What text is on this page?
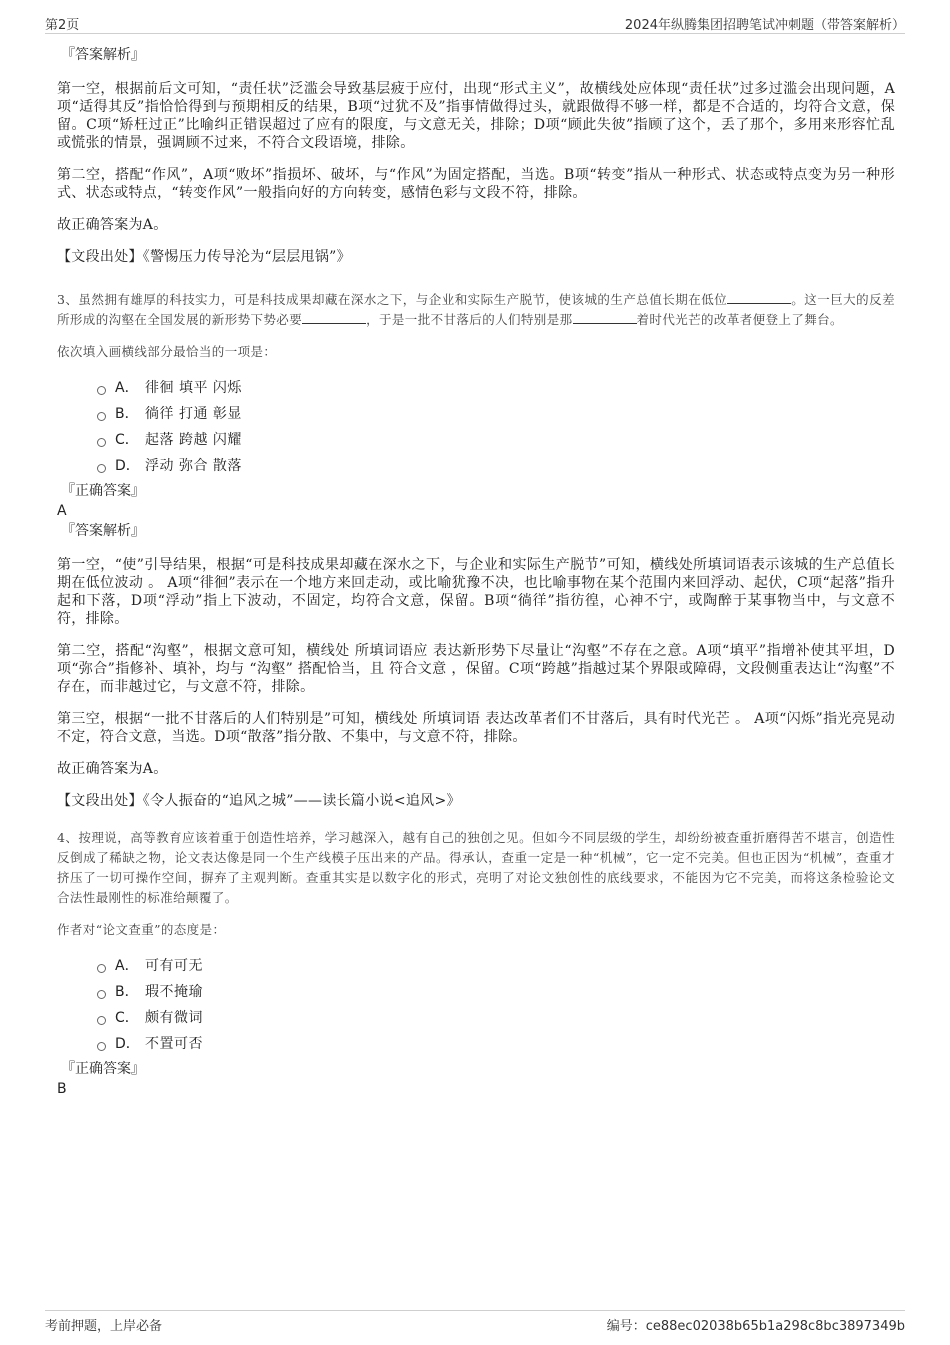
第2页	2024年纵腾集团招聘笔试冲刺题（带答案解析）
『答案解析』
第一空，根据前后文可知，“责任状”泛滥会导致基层疲于应付，出现“形式主义”，故横线处应体现“责任状”过多过滥会出现问题，A项“适得其反”指恰恰得到与预期相反的结果，B项“过犹不及”指事情做得过头，就跟做得不够一样，都是不合适的，均符合文意，保留。C项“矫枉过正”比喻纠正错误超过了应有的限度，与文意无关，排除；D项“顾此失彼”指顾了这个，丢了那个，多用来形容忙乱或慌张的情景，强调顾不过来，不符合文段语境，排除。
第二空，搭配“作风”，A项“败坏”指损坏、破坏，与“作风”为固定搭配，当选。B项“转变”指从一种形式、状态或特点变为另一种形式、状态或特点，“转变作风”一般指向好的方向转变，感情色彩与文段不符，排除。
故正确答案为A。
【文段出处】《警惕压力传导沦为“层层甩锅”》
3、虽然拥有雄厚的科技实力，可是科技成果却藏在深水之下，与企业和实际生产脱节，使该城的生产总值长期在低位	。这一巨大的反差所形成的沟壑在全国发展的新形势下势必要	，于是一批不甘落后的人们特别是那	着时代光芒的改革者便登上了舞台。
依次填入画横线部分最恰当的一项是：
A． 徘徊 填平 闪烁
B． 徜徉 打通 彰显
C． 起落 跨越 闪耀
D． 浮动 弥合 散落
『正确答案』
A
『答案解析』
第一空，“使”引导结果，根据“可是科技成果却藏在深水之下，与企业和实际生产脱节”可知，横线处所填词语表示该城的生产总值长期在低位波动 。 A项“徘徊”表示在一个地方来回走动，或比喻犹豫不决，也比喻事物在某个范围内来回浮动、起伏，C项“起落”指升起和下落，D项“浮动”指上下波动，不固定，均符合文意，保留。B项“徜徉”指彷徨，心神不宁，或陶醉于某事物当中，与文意不符，排除。
第二空，搭配“沟壑”，根据文意可知，横线处 所填词语应 表达新形势下尽量让“沟壑”不存在之意。A项“填平”指增补使其平坦，D项“弥合”指修补、填补，均与 “沟壑” 搭配恰当，且 符合文意 ，保留。C项“跨越”指越过某个界限或障碍，文段侧重表达让“沟壑”不存在，而非越过它，与文意不符，排除。
第三空，根据“一批不甘落后的人们特别是”可知，横线处 所填词语 表达改革者们不甘落后，具有时代光芒 。 A项“闪烁”指光亮晃动不定，符合文意，当选。D项“散落”指分散、不集中，与文意不符，排除。
故正确答案为A。
【文段出处】《令人振奋的“追风之城”——读长篇小说<追风>》
4、按理说，高等教育应该着重于创造性培养，学习越深入，越有自己的独创之见。但如今不同层级的学生，却纷纷被查重折磨得苦不堪言，创造性反倒成了稀缺之物，论文表达像是同一个生产线模子压出来的产品。得承认，查重一定是一种“机械”，它一定不完美。但也正因为“机械”，查重才挤压了一切可操作空间，摒弃了主观判断。查重其实是以数字化的形式，亮明了对论文独创性的底线要求，不能因为它不完美，而将这条检验论文合法性最刚性的标准给颠覆了。
作者对“论文查重”的态度是：
A． 可有可无
B． 瑕不掩瑜
C． 颇有微词
D． 不置可否
『正确答案』
B
考前押题，上岸必备	编号：ce88ec02038b65b1a298c8bc3897349b
